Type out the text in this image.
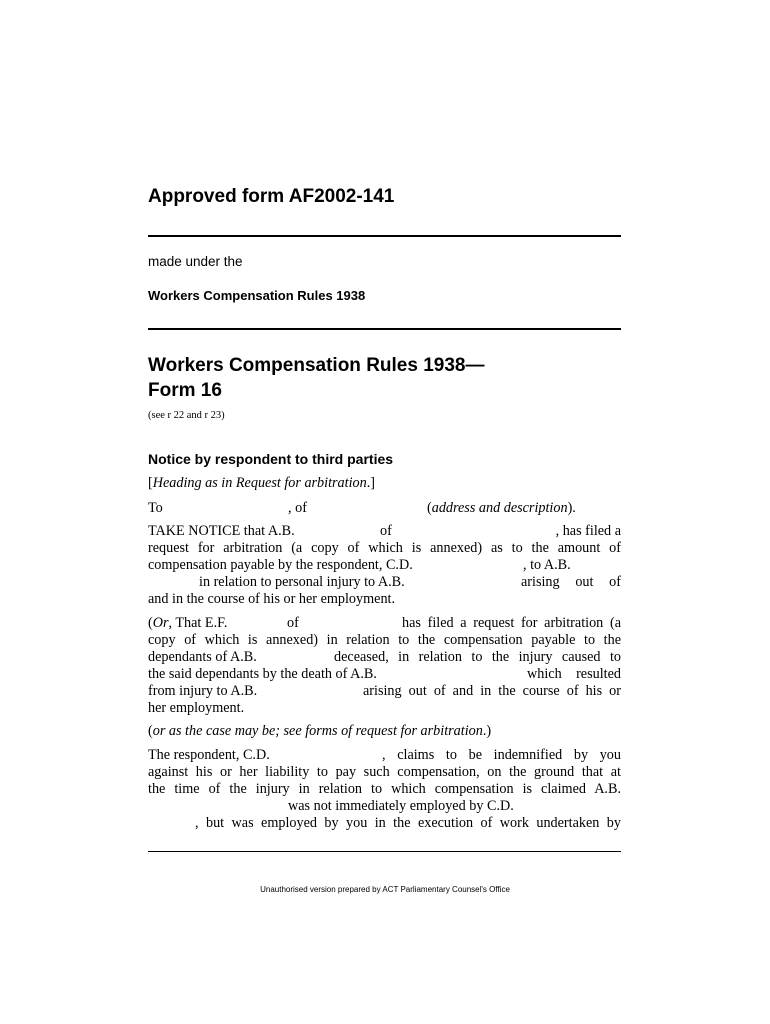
Approved form AF2002-141
made under the
Workers Compensation Rules 1938
Workers Compensation Rules 1938—
Form 16
(see r 22 and r 23)
Notice by respondent to third parties
[Heading as in Request for arbitration.]
To	, of	(address and description).
TAKE NOTICE that A.B.	of	, has filed a
request for arbitration (a copy of which is annexed) as to the amount of
compensation payable by the respondent, C.D.	, to A.B.
in relation to personal injury to A.B.	arising out of
and in the course of his or her employment.
(Or, That E.F.	of	has filed a request for arbitration (a
copy of which is annexed) in relation to the compensation payable to the
dependants of A.B.	deceased, in relation to the injury caused to
the said dependants by the death of A.B.	which resulted
from injury to A.B.	arising out of and in the course of his or
her employment.
(or as the case may be; see forms of request for arbitration.)
The respondent, C.D.	, claims to be indemnified by you
against his or her liability to pay such compensation, on the ground that at
the time of the injury in relation to which compensation is claimed A.B.
was not immediately employed by C.D.
, but was employed by you in the execution of work undertaken by
Unauthorised version prepared by ACT Parliamentary Counsel's Office
